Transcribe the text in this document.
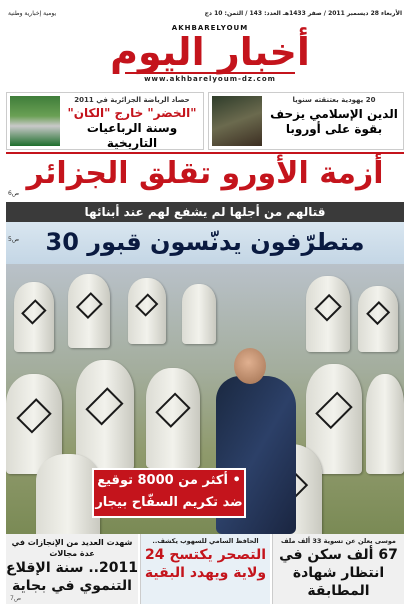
الأربعاء 28 ديسمبر 2011 / صفر 1433هـ العدد: 143 / الثمن: 10 دج
يومية إخبارية وطنية
AKHBARELYOUM
أخبار اليوم
www.akhbarelyoum-dz.com
20 يهودية بعتنقته سنويا
الدين الإسلامي يزحف بقوة على أوروبا
حصاد الرياضة الجزائرية في 2011
"الخضر" خارج "الكان"
وسنة الرباعيات التاريخية
أزمة الأورو تقلق الجزائر
ص6
قتالهم من أجلها لم يشفع لهم عند أبنائها
متطرّفون يدنّسون قبور 30
ص5
• أكثر من 8000 توقيع
ضد تكريم السفّاح بيجار
موسى يعلن عن تسوية 33 ألف ملف
67 ألف سكن في انتظار شهادة المطابقة
الحافظ السامي للسهوب يكشف..
التصحر يكتسح 24 ولاية ويهدد البقية
شهدت العديد من الإنجازات في عدة مجالات
2011.. سنة الإقلاع التنموي في بجاية
ص7
